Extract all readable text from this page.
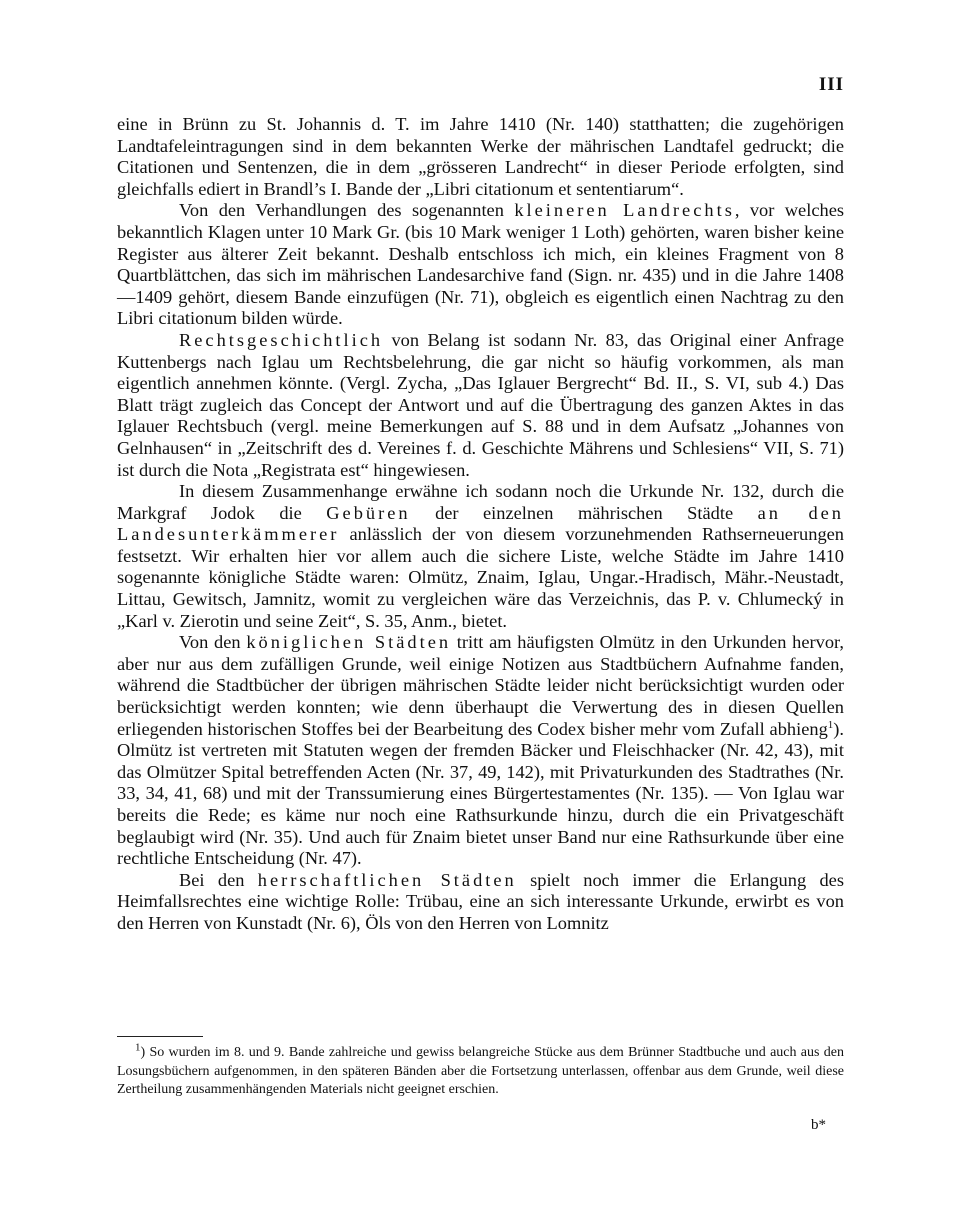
III

eine in Brünn zu St. Johannis d. T. im Jahre 1410 (Nr. 140) statthatten; die zugehörigen Landtafeleintragungen sind in dem bekannten Werke der mährischen Landtafel gedruckt; die Citationen und Sentenzen, die in dem „grösseren Landrecht“ in dieser Periode erfolgten, sind gleichfalls ediert in Brandl’s I. Bande der „Libri citationum et sententiarum“.

Von den Verhandlungen des sogenannten kleineren Landrechts, vor welches bekanntlich Klagen unter 10 Mark Gr. (bis 10 Mark weniger 1 Loth) gehörten, waren bisher keine Register aus älterer Zeit bekannt. Deshalb entschloss ich mich, ein kleines Fragment von 8 Quartblättchen, das sich im mährischen Landesarchive fand (Sign. nr. 435) und in die Jahre 1408—1409 gehört, diesem Bande einzufügen (Nr. 71), obgleich es eigentlich einen Nachtrag zu den Libri citationum bilden würde.

Rechtsgeschichtlich von Belang ist sodann Nr. 83, das Original einer Anfrage Kuttenbergs nach Iglau um Rechtsbelehrung, die gar nicht so häufig vorkommen, als man eigentlich annehmen könnte. (Vergl. Zycha, „Das Iglauer Bergrecht“ Bd. II., S. VI, sub 4.) Das Blatt trägt zugleich das Concept der Antwort und auf die Übertragung des ganzen Aktes in das Iglauer Rechtsbuch (vergl. meine Bemerkungen auf S. 88 und in dem Aufsatz „Johannes von Gelnhausen“ in „Zeitschrift des d. Vereines f. d. Geschichte Mährens und Schlesiens“ VII, S. 71) ist durch die Nota „Registrata est“ hingewiesen.

In diesem Zusammenhange erwähne ich sodann noch die Urkunde Nr. 132, durch die Markgraf Jodok die Gebüren der einzelnen mährischen Städte an den Landesunterkämmerer anlässlich der von diesem vorzunehmenden Rathserneuerungen festsetzt. Wir erhalten hier vor allem auch die sichere Liste, welche Städte im Jahre 1410 sogenannte königliche Städte waren: Olmütz, Znaim, Iglau, Ungar.-Hradisch, Mähr.-Neustadt, Littau, Gewitsch, Jamnitz, womit zu vergleichen wäre das Verzeichnis, das P. v. Chlumecký in „Karl v. Zierotin und seine Zeit“, S. 35, Anm., bietet.

Von den königlichen Städten tritt am häufigsten Olmütz in den Urkunden hervor, aber nur aus dem zufälligen Grunde, weil einige Notizen aus Stadtbüchern Aufnahme fanden, während die Stadtbücher der übrigen mährischen Städte leider nicht berücksichtigt wurden oder berücksichtigt werden konnten; wie denn überhaupt die Verwertung des in diesen Quellen erliegenden historischen Stoffes bei der Bearbeitung des Codex bisher mehr vom Zufall abhieng$^1$). Olmütz ist vertreten mit Statuten wegen der fremden Bäcker und Fleischhacker (Nr. 42, 43), mit das Olmützer Spital betreffenden Acten (Nr. 37, 49, 142), mit Privaturkunden des Stadtrathes (Nr. 33, 34, 41, 68) und mit der Transsumierung eines Bürgertestamentes (Nr. 135). — Von Iglau war bereits die Rede; es käme nur noch eine Rathsurkunde hinzu, durch die ein Privatgeschäft beglaubigt wird (Nr. 35). Und auch für Znaim bietet unser Band nur eine Rathsurkunde über eine rechtliche Entscheidung (Nr. 47).

Bei den herrschaftlichen Städten spielt noch immer die Erlangung des Heimfallsrechtes eine wichtige Rolle: Trübau, eine an sich interessante Urkunde, erwirbt es von den Herren von Kunstadt (Nr. 6), Öls von den Herren von Lomnitz

$^1$) So wurden im 8. und 9. Bande zahlreiche und gewiss belangreiche Stücke aus dem Brünner Stadtbuche und auch aus den Losungsbüchern aufgenommen, in den späteren Bänden aber die Fortsetzung unterlassen, offenbar aus dem Grunde, weil diese Zertheilung zusammenhängenden Materials nicht geeignet erschien.

b*
